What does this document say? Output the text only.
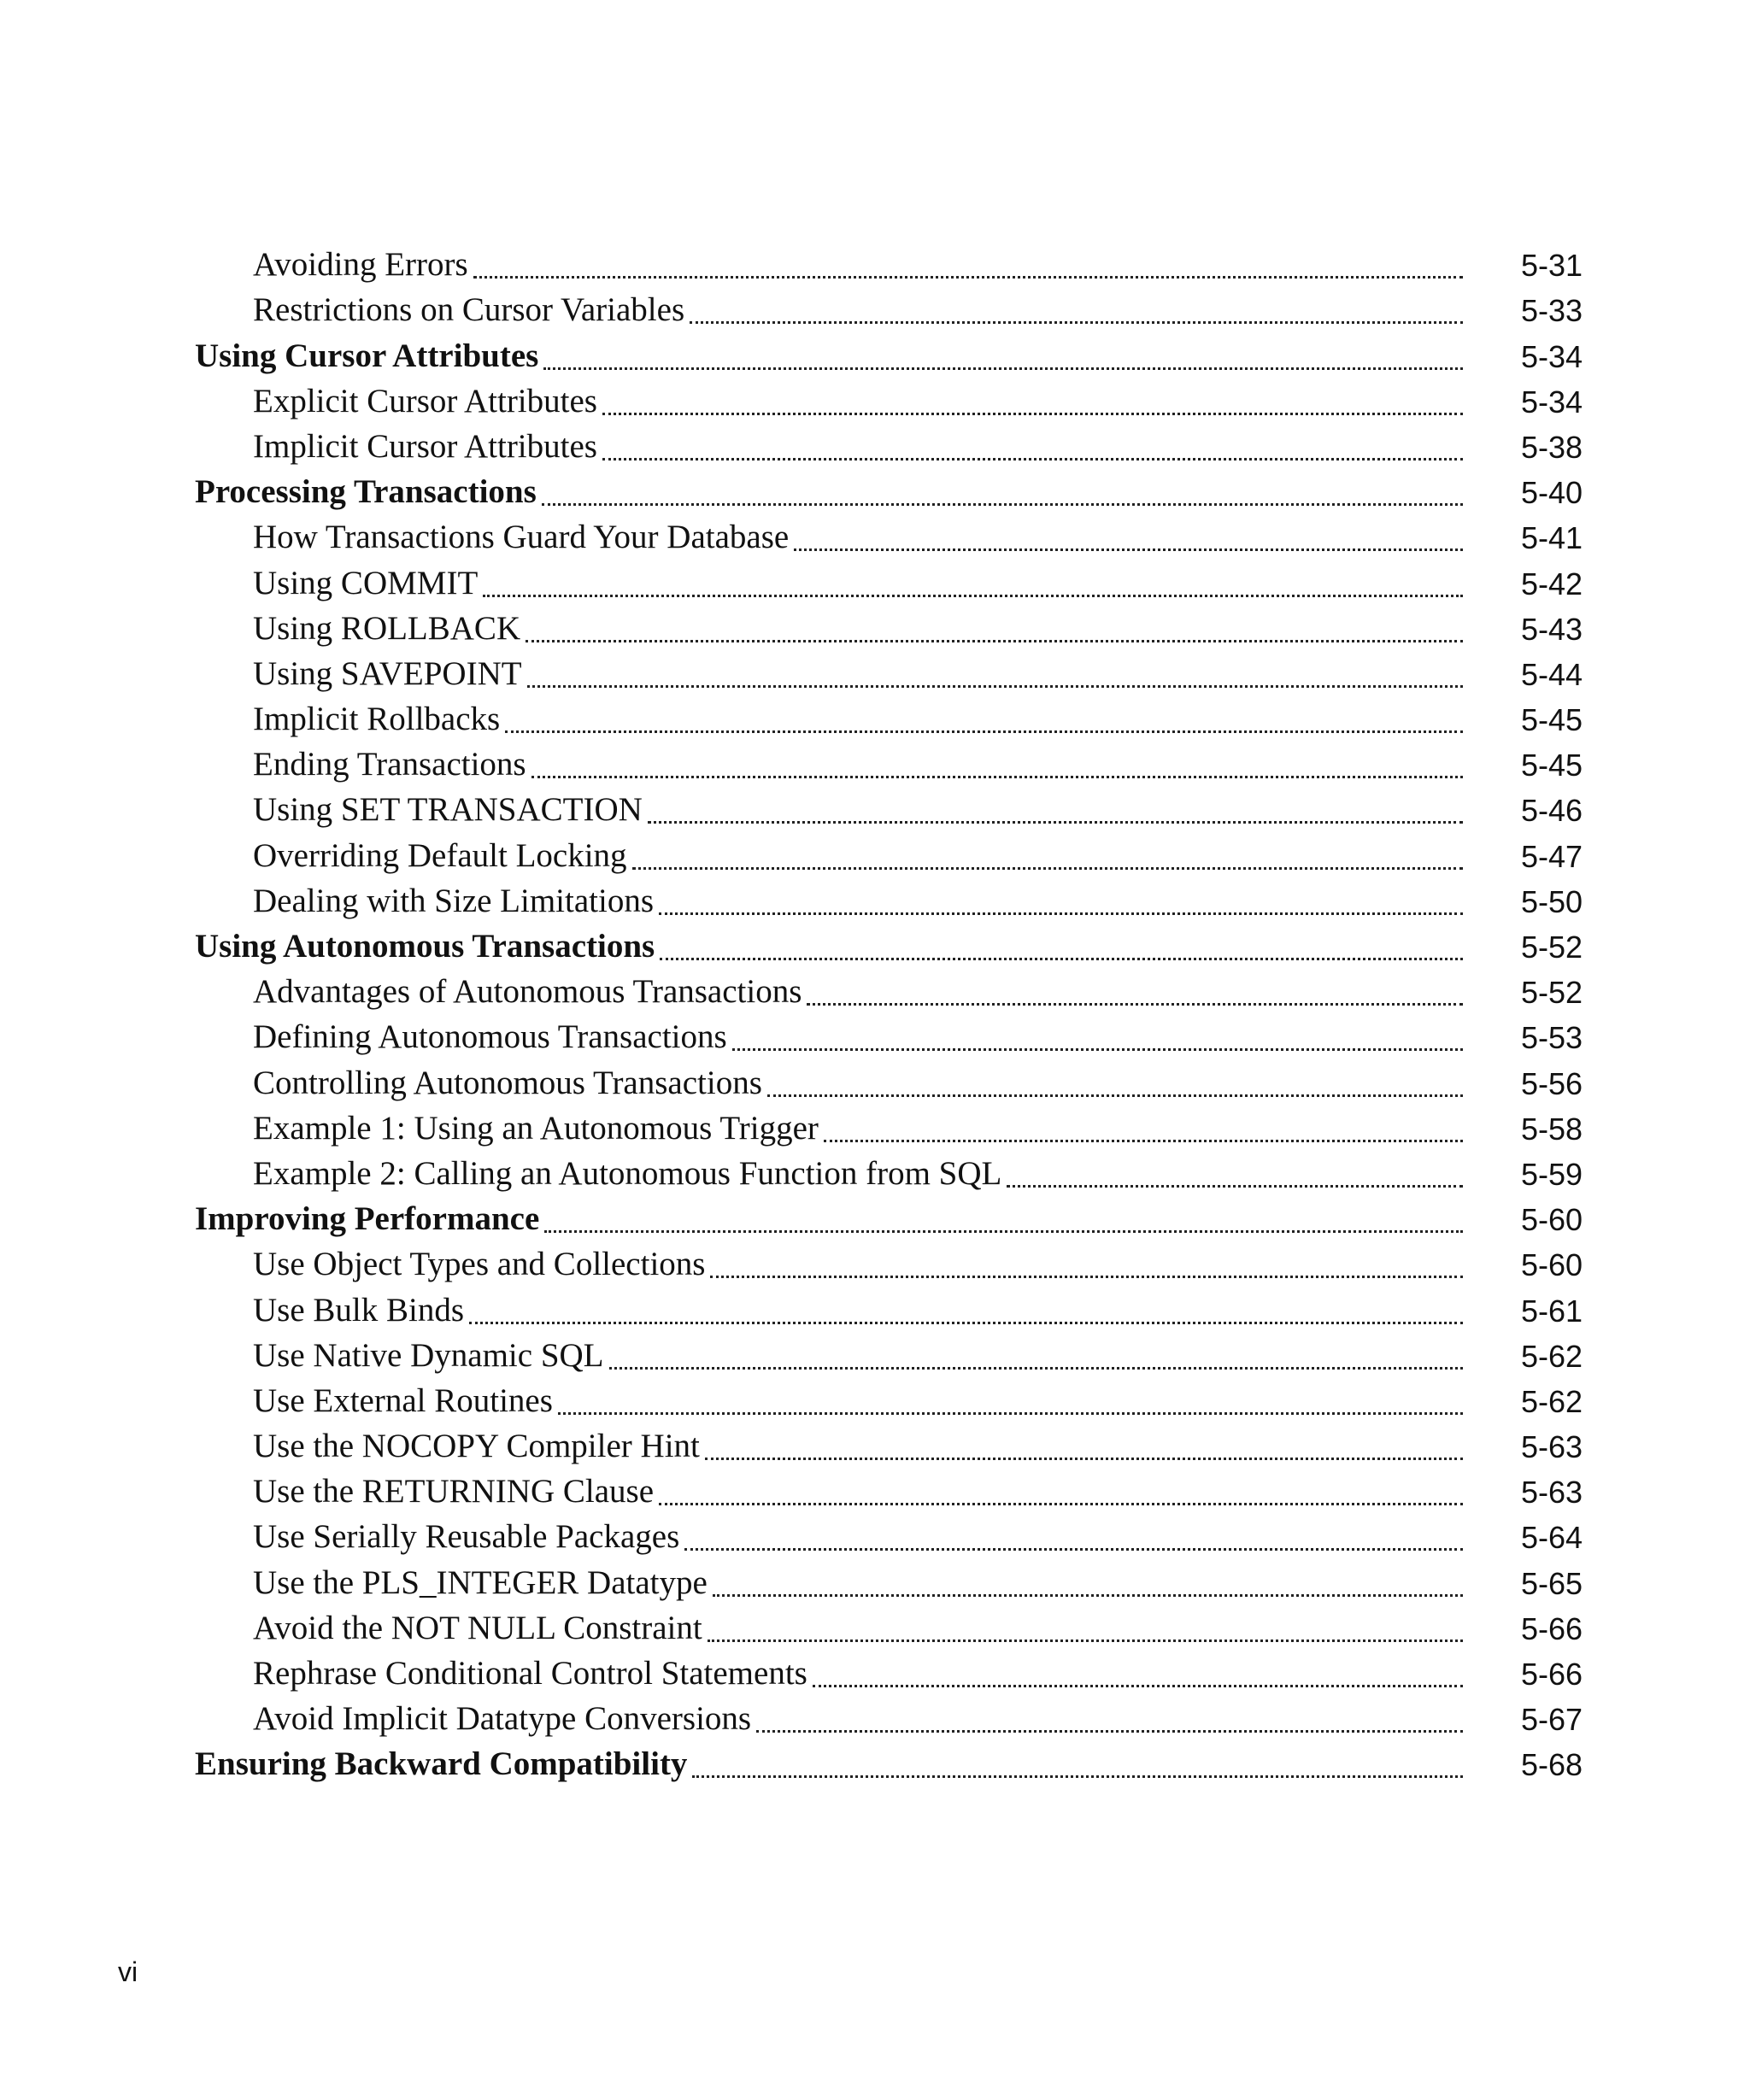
Avoiding Errors	5-31
Restrictions on Cursor Variables	5-33
Using Cursor Attributes	5-34
Explicit Cursor Attributes	5-34
Implicit Cursor Attributes	5-38
Processing Transactions	5-40
How Transactions Guard Your Database	5-41
Using COMMIT	5-42
Using ROLLBACK	5-43
Using SAVEPOINT	5-44
Implicit Rollbacks	5-45
Ending Transactions	5-45
Using SET TRANSACTION	5-46
Overriding Default Locking	5-47
Dealing with Size Limitations	5-50
Using Autonomous Transactions	5-52
Advantages of Autonomous Transactions	5-52
Defining Autonomous Transactions	5-53
Controlling Autonomous Transactions	5-56
Example 1: Using an Autonomous Trigger	5-58
Example 2: Calling an Autonomous Function from SQL	5-59
Improving Performance	5-60
Use Object Types and Collections	5-60
Use Bulk Binds	5-61
Use Native Dynamic SQL	5-62
Use External Routines	5-62
Use the NOCOPY Compiler Hint	5-63
Use the RETURNING Clause	5-63
Use Serially Reusable Packages	5-64
Use the PLS_INTEGER Datatype	5-65
Avoid the NOT NULL Constraint	5-66
Rephrase Conditional Control Statements	5-66
Avoid Implicit Datatype Conversions	5-67
Ensuring Backward Compatibility	5-68
vi
